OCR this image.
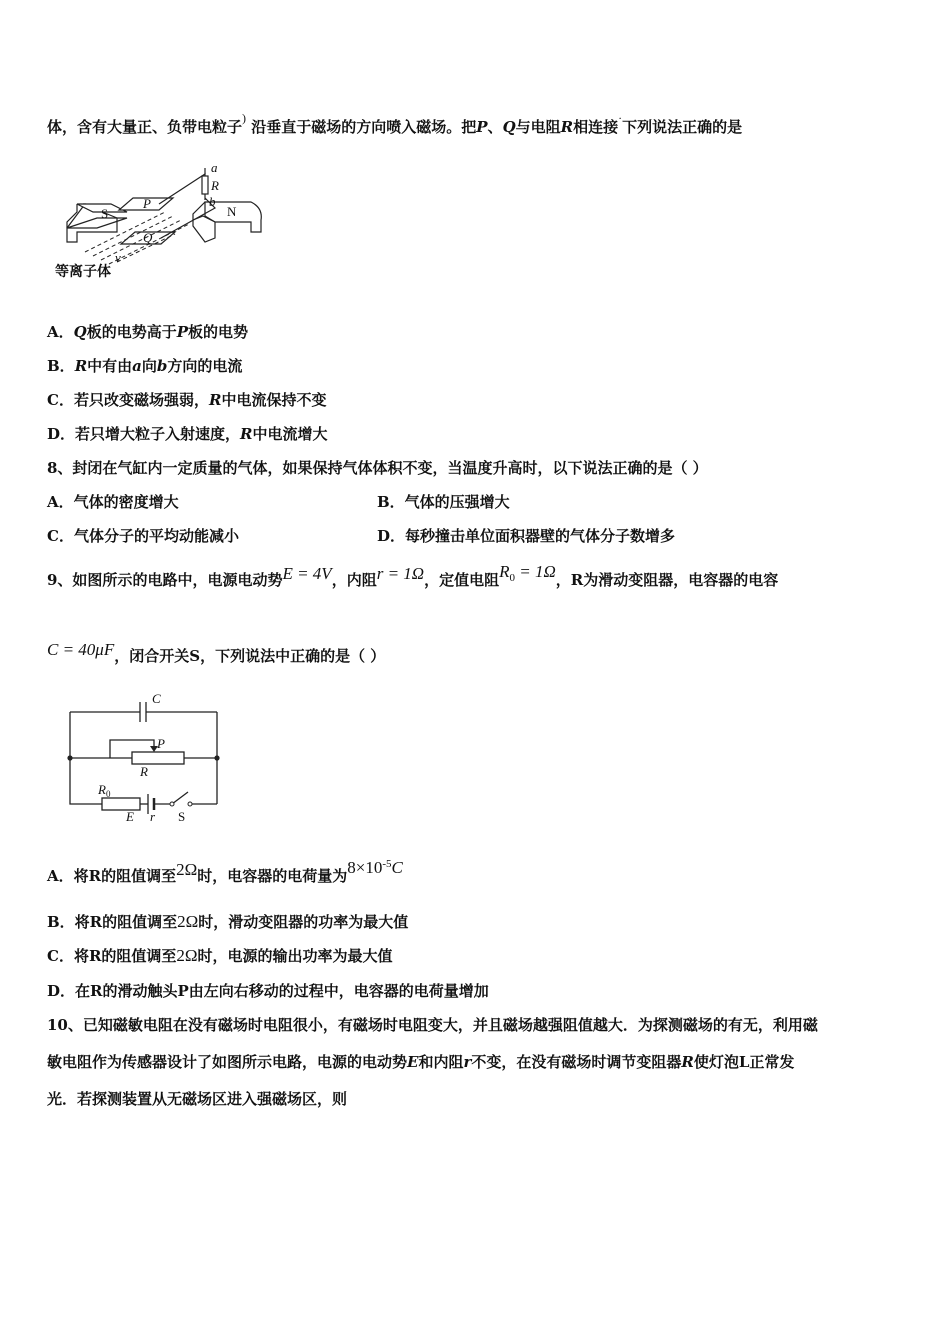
体，含有大量正、负带电粒子) 沿垂直于磁场的方向喷入磁场。把P、Q与电阻R相连接·下列说法正确的是
a
R
b
S
P
Q
N
v
等离子体
A．Q板的电势高于P板的电势
B．R中有由a向b方向的电流
C．若只改变磁场强弱，R中电流保持不变
D．若只增大粒子入射速度，R中电流增大
8、封闭在气缸内一定质量的气体，如果保持气体体积不变，当温度升高时，以下说法正确的是（ ）
A．气体的密度增大	B．气体的压强增大
C．气体分子的平均动能减小	D．每秒撞击单位面积器壁的气体分子数增多
9、如图所示的电路中，电源电动势E = 4V，内阻r = 1Ω，定值电阻$R_0 = 1\Omega$，R为滑动变阻器，电容器的电容
C = 40μF，闭合开关S，下列说法中正确的是（ ）
C
P
R
$R_0$
E r S
A．将R的阻值调至2Ω时，电容器的电荷量为$8\times 10^{-5}C$
B．将R的阻值调至2Ω时，滑动变阻器的功率为最大值
C．将R的阻值调至2Ω时，电源的输出功率为最大值
D．在R的滑动触头P由左向右移动的过程中，电容器的电荷量增加
10、已知磁敏电阻在没有磁场时电阻很小，有磁场时电阻变大，并且磁场越强阻值越大．为探测磁场的有无，利用磁
敏电阻作为传感器设计了如图所示电路，电源的电动势E和内阻r不变，在没有磁场时调节变阻器R使灯泡L正常发
光．若探测装置从无磁场区进入强磁场区，则
